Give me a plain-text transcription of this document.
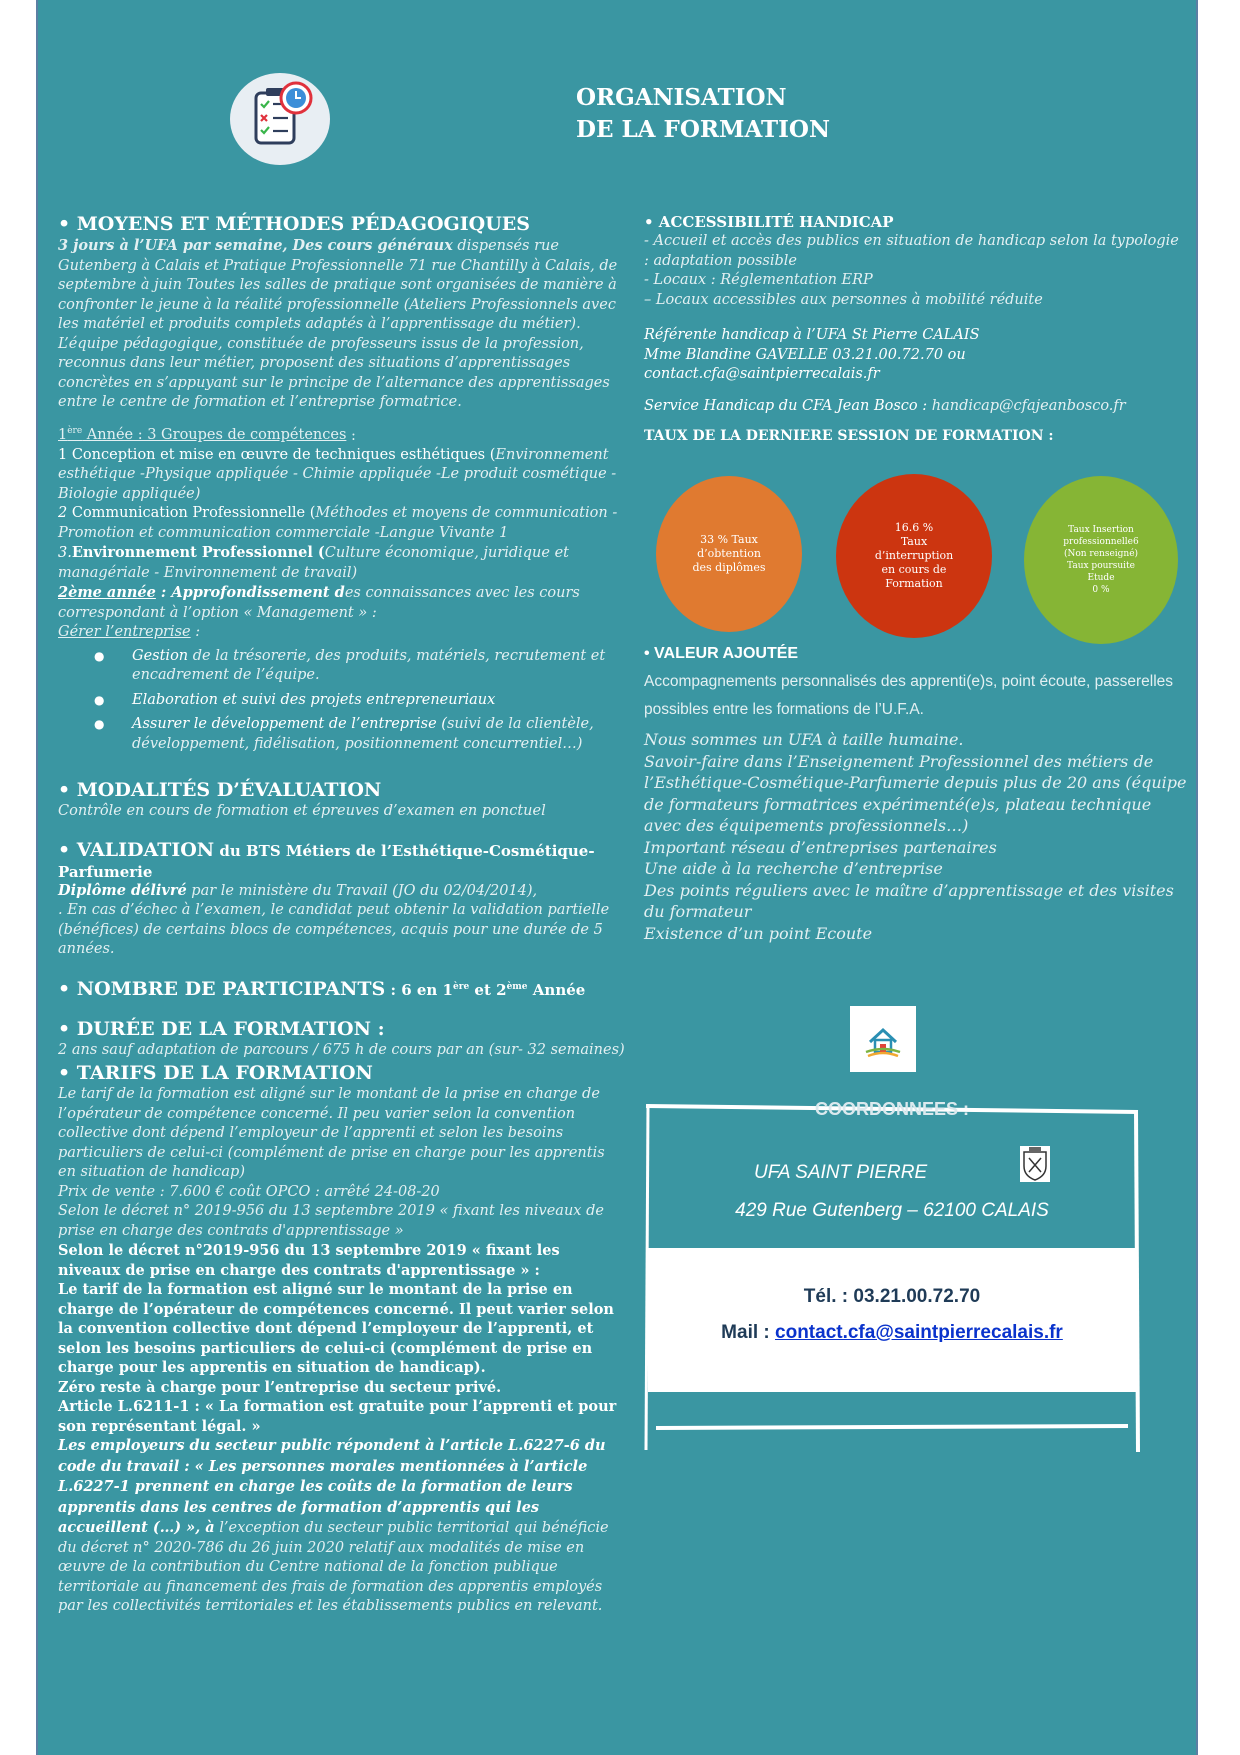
ORGANISATION
DE LA FORMATION
• MOYENS ET MÉTHODES PÉDAGOGIQUES

3 jours à l’UFA par semaine, Des cours généraux dispensés rue Gutenberg à Calais et Pratique Professionnelle 71 rue Chantilly à Calais, de septembre à juin Toutes les salles de pratique sont organisées de manière à confronter le jeune à la réalité professionnelle (Ateliers Professionnels avec les matériel et produits complets adaptés à l’apprentissage du métier). L’équipe pédagogique, constituée de professeurs issus de la profession, reconnus dans leur métier, proposent des situations d’apprentissages concrètes en s’appuyant sur le principe de l’alternance des apprentissages entre le centre de formation et l’entreprise formatrice.

1ère Année : 3 Groupes de compétences :

1 Conception et mise en œuvre de techniques esthétiques (Environnement esthétique -Physique appliquée - Chimie appliquée -Le produit cosmétique -Biologie appliquée)

2 Communication Professionnelle (Méthodes et moyens de communication -Promotion et communication commerciale -Langue Vivante 1

3.Environnement Professionnel (Culture économique, juridique et managériale - Environnement de travail)

2ème année : Approfondissement des connaissances avec les cours correspondant à l’option « Management » :

Gérer l’entreprise :

● Gestion de la trésorerie, des produits, matériels, recrutement et encadrement de l’équipe.
● Elaboration et suivi des projets entrepreneuriaux
● Assurer le développement de l’entreprise (suivi de la clientèle, développement, fidélisation, positionnement concurrentiel…)
• MODALITÉS D’ÉVALUATION

Contrôle en cours de formation et épreuves d’examen en ponctuel

• VALIDATION du BTS Métiers de l’Esthétique-Cosmétique-Parfumerie

Diplôme délivré par le ministère du Travail (JO du 02/04/2014),

. En cas d’échec à l’examen, le candidat peut obtenir la validation partielle (bénéfices) de certains blocs de compétences, acquis pour une durée de 5 années.

• NOMBRE DE PARTICIPANTS : 6 en 1ère et 2ème Année
• DURÉE DE LA FORMATION :

2 ans sauf adaptation de parcours / 675 h de cours par an (sur- 32 semaines)

• TARIFS DE LA FORMATION

Le tarif de la formation est aligné sur le montant de la prise en charge de l’opérateur de compétence concerné. Il peu varier selon la convention collective dont dépend l’employeur de l’apprenti et selon les besoins particuliers de celui-ci (complément de prise en charge pour les apprentis en situation de handicap)

Prix de vente : 7.600 € coût OPCO : arrêté 24-08-20

Selon le décret n° 2019-956 du 13 septembre 2019 « fixant les niveaux de prise en charge des contrats d'apprentissage »

Selon le décret n°2019-956 du 13 septembre 2019 « fixant les niveaux de prise en charge des contrats d'apprentissage » :

Le tarif de la formation est aligné sur le montant de la prise en charge de l’opérateur de compétences concerné. Il peut varier selon la convention collective dont dépend l’employeur de l’apprenti, et selon les besoins particuliers de celui-ci (complément de prise en charge pour les apprentis en situation de handicap).

Zéro reste à charge pour l’entreprise du secteur privé.

Article L.6211-1 : « La formation est gratuite pour l’apprenti et pour son représentant légal. »

Les employeurs du secteur public répondent à l’article L.6227-6 du code du travail : « Les personnes morales mentionnées à l’article L.6227-1 prennent en charge les coûts de la formation de leurs apprentis dans les centres de formation d’apprentis qui les accueillent (…) », à l’exception du secteur public territorial qui bénéficie du décret n° 2020-786 du 26 juin 2020 relatif aux modalités de mise en œuvre de la contribution du Centre national de la fonction publique territoriale au financement des frais de formation des apprentis employés par les collectivités territoriales et les établissements publics en relevant.

• ACCESSIBILITÉ HANDICAP

- Accueil et accès des publics en situation de handicap selon la typologie : adaptation possible

- Locaux : Réglementation ERP

– Locaux accessibles aux personnes à mobilité réduite

Référente handicap à l’UFA St Pierre CALAIS

Mme Blandine GAVELLE 03.21.00.72.70 ou contact.cfa@saintpierrecalais.fr

Service Handicap du CFA Jean Bosco : handicap@cfajeanbosco.fr

TAUX DE LA DERNIERE SESSION DE FORMATION :
33 % Taux
d’obtention
des diplômes
16.6 %
Taux
d’interruption
en cours de
Formation
Taux Insertion
professionnelle6
(Non renseigné)
Taux poursuite
Etude
0 %
• VALEUR AJOUTÉE

Accompagnements personnalisés des apprenti(e)s, point écoute, passerelles possibles entre les formations de l’U.F.A.

Nous sommes un UFA à taille humaine.
Savoir-faire dans l’Enseignement Professionnel des métiers de l’Esthétique-Cosmétique-Parfumerie depuis plus de 20 ans (équipe de formateurs formatrices expérimenté(e)s, plateau technique avec des équipements professionnels…)
Important réseau d’entreprises partenaires
Une aide à la recherche d’entreprise
Des points réguliers avec le maître d’apprentissage et des visites du formateur
Existence d’un point Ecoute
COORDONNEES :
UFA SAINT PIERRE
429 Rue Gutenberg – 62100 CALAIS
Tél. : 03.21.00.72.70
Mail : contact.cfa@saintpierrecalais.fr
